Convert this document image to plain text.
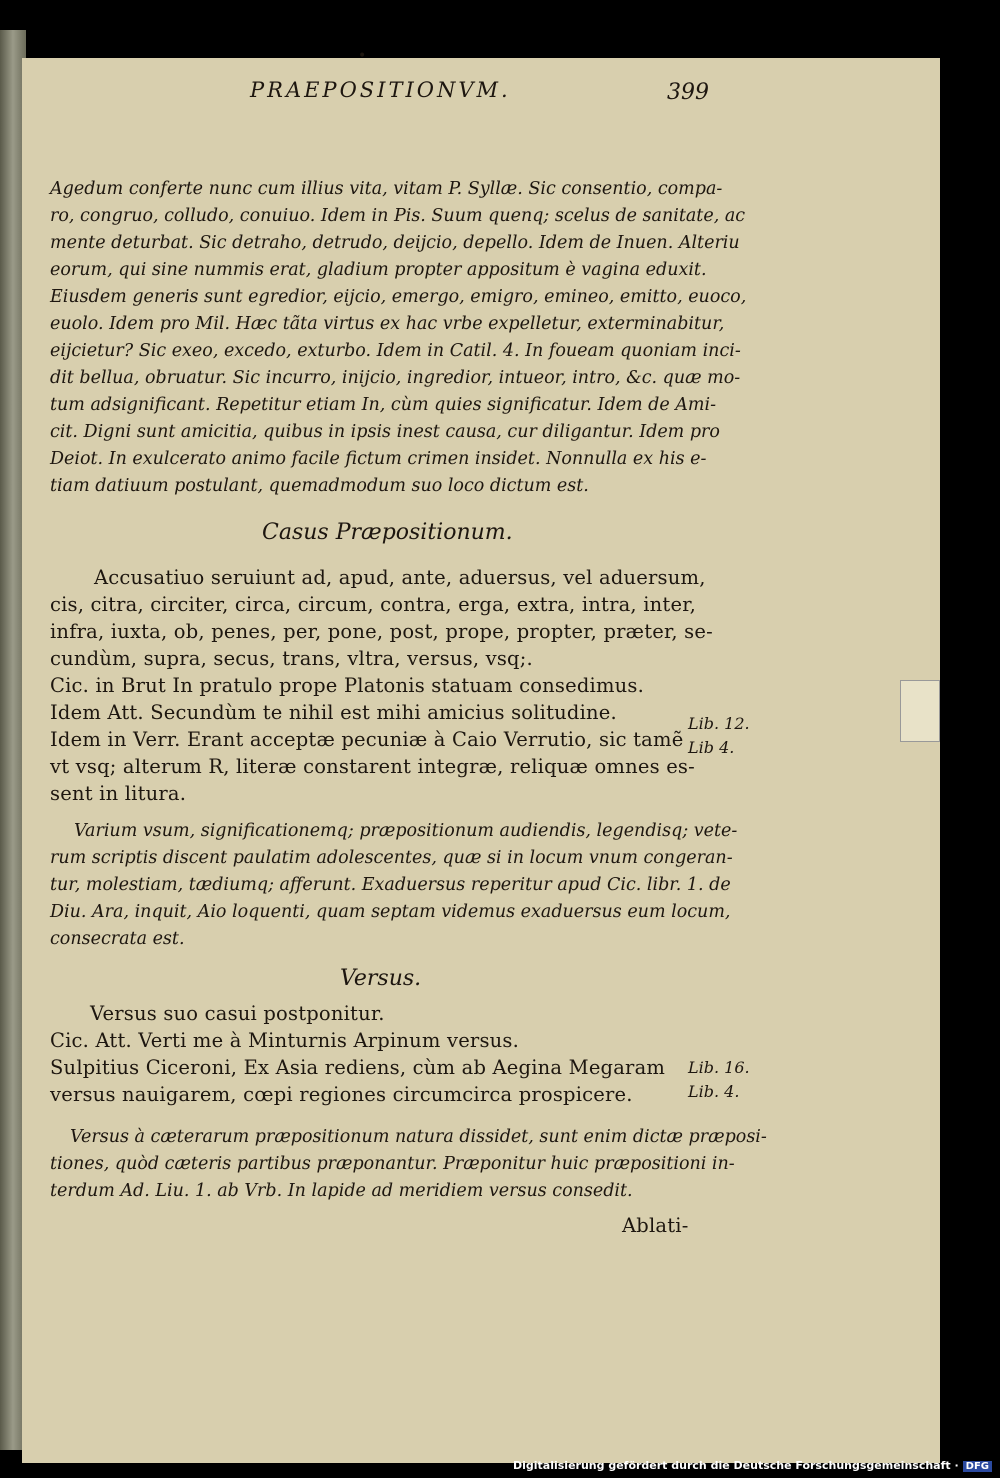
•
PRAEPOSITIONVM.	399
Agedum conferte nunc cum illius vita, vitam P. Syllæ. Sic consentio, compa-
ro, congruo, colludo, conuiuo. Idem in Pis. Suum quenq; scelus de sanitate, ac
mente deturbat. Sic detraho, detrudo, deijcio, depello. Idem de Inuen. Alteriu
eorum, qui sine nummis erat, gladium propter appositum è vagina eduxit.
Eiusdem generis sunt egredior, eijcio, emergo, emigro, emineo, emitto, euoco,
euolo. Idem pro Mil. Hæc tãta virtus ex hac vrbe expelletur, exterminabitur,
eijcietur? Sic exeo, excedo, exturbo. Idem in Catil. 4. In foueam quoniam inci-
dit bellua, obruatur. Sic incurro, inijcio, ingredior, intueor, intro, &c. quæ mo-
tum adsignificant. Repetitur etiam In, cùm quies significatur. Idem de Ami-
cit. Digni sunt amicitia, quibus in ipsis inest causa, cur diligantur. Idem pro
Deiot. In exulcerato animo facile fictum crimen insidet. Nonnulla ex his e-
tiam datiuum postulant, quemadmodum suo loco dictum est.
Casus Præpositionum.
Accusatiuo seruiunt ad, apud, ante, aduersus, vel aduersum,
cis, citra, circiter, circa, circum, contra, erga, extra, intra, inter,
infra, iuxta, ob, penes, per, pone, post, prope, propter, præter, se-
cundùm, supra, secus, trans, vltra, versus, vsq;.
Cic. in Brut In pratulo prope Platonis statuam consedimus.
Idem Att. Secundùm te nihil est mihi amicius solitudine.
Idem in Verr. Erant acceptæ pecuniæ à Caio Verrutio, sic tamẽ
vt vsq; alterum R, literæ constarent integræ, reliquæ omnes es-
sent in litura.
Lib. 12.
Lib 4.
Varium vsum, significationemq; præpositionum audiendis, legendisq; vete-
rum scriptis discent paulatim adolescentes, quæ si in locum vnum congeran-
tur, molestiam, tædiumq; afferunt. Exaduersus reperitur apud Cic. libr. 1. de
Diu. Ara, inquit, Aio loquenti, quam septam videmus exaduersus eum locum,
consecrata est.
Versus.
Versus suo casui postponitur.
Cic. Att. Verti me à Minturnis Arpinum versus.
Sulpitius Ciceroni, Ex Asia rediens, cùm ab Aegina Megaram
versus nauigarem, cœpi regiones circumcirca prospicere.
Lib. 16.
Lib. 4.
Versus à cæterarum præpositionum natura dissidet, sunt enim dictæ præposi-
tiones, quòd cæteris partibus præponantur. Præponitur huic præpositioni in-
terdum Ad. Liu. 1. ab Vrb. In lapide ad meridiem versus consedit.
Ablati-
Digitalisierung gefördert durch die Deutsche Forschungsgemeinschaft · DFG
